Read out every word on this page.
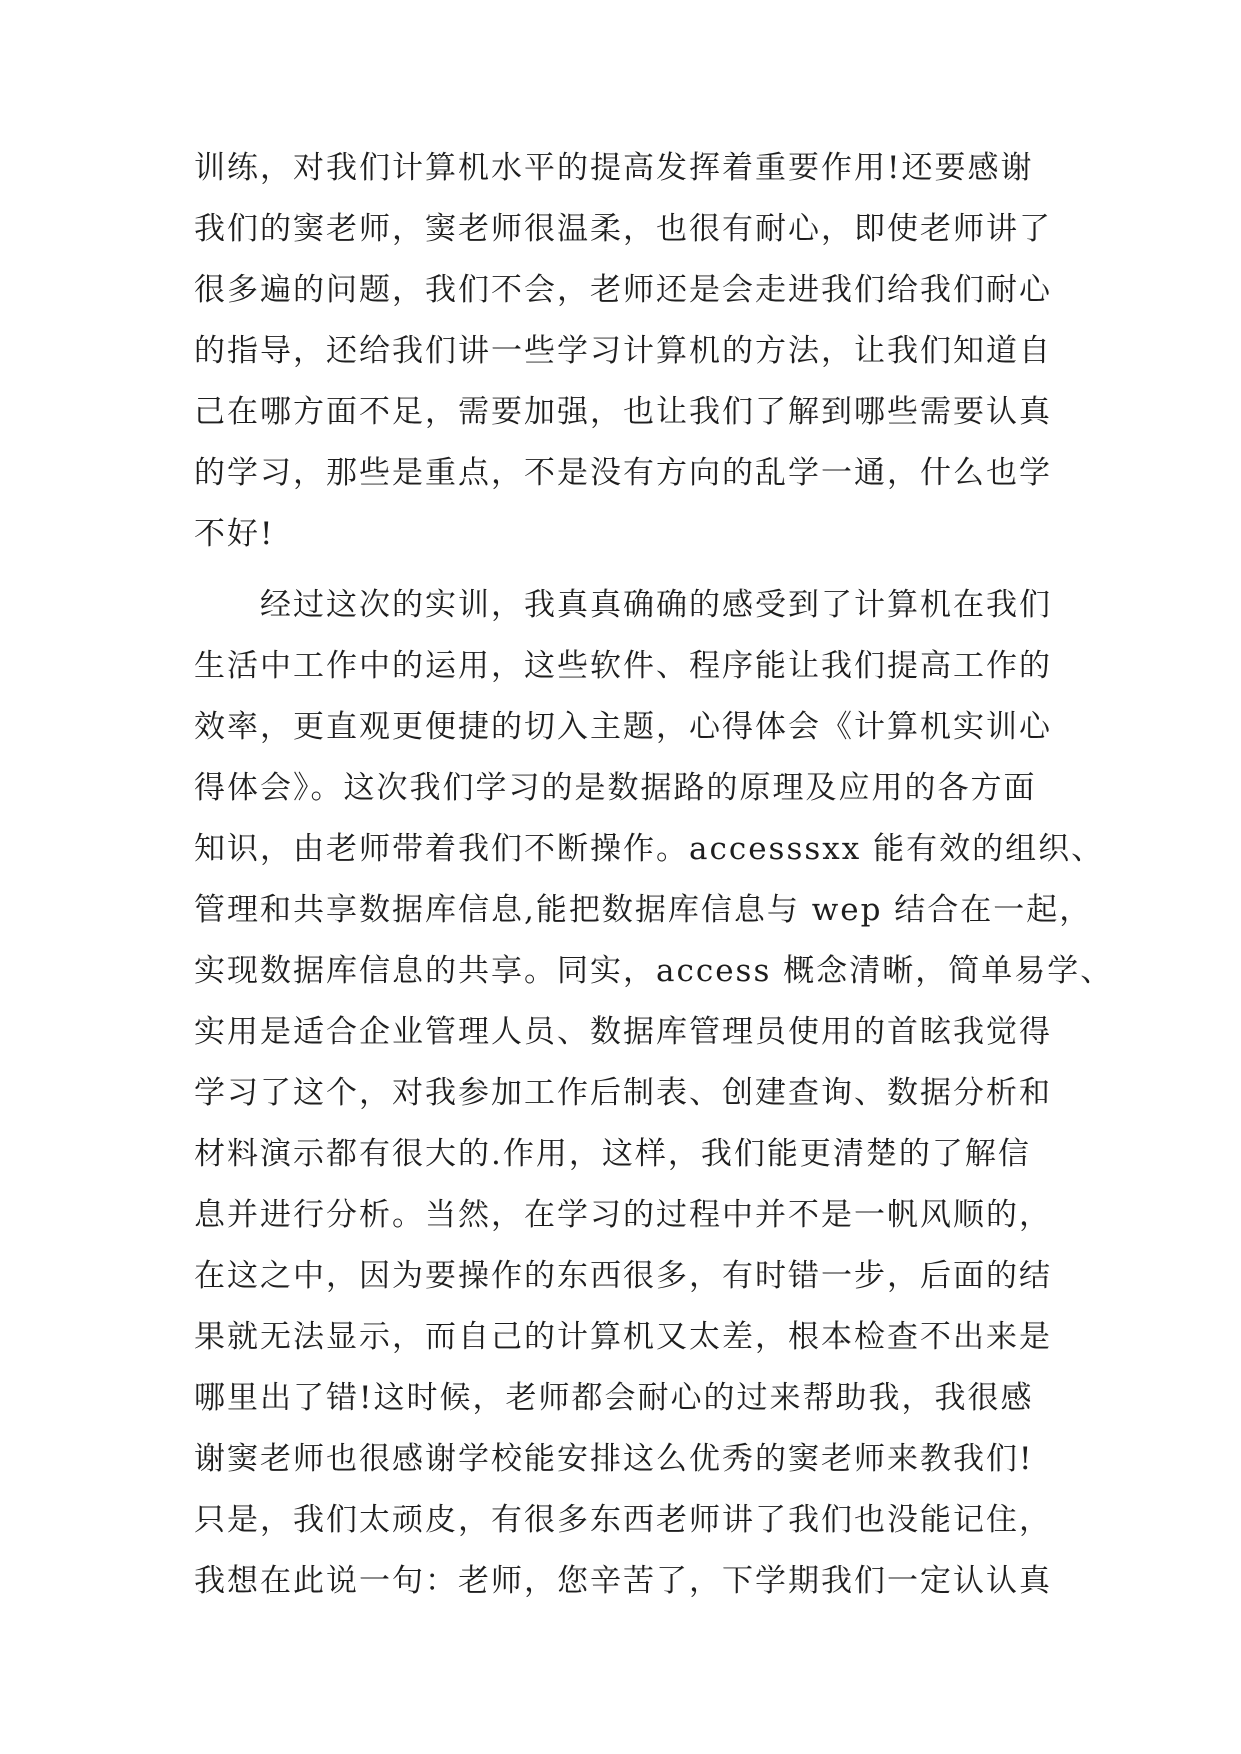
训练，对我们计算机水平的提高发挥着重要作用!还要感谢
我们的窦老师，窦老师很温柔，也很有耐心，即使老师讲了
很多遍的问题，我们不会，老师还是会走进我们给我们耐心
的指导，还给我们讲一些学习计算机的方法，让我们知道自
己在哪方面不足，需要加强，也让我们了解到哪些需要认真
的学习，那些是重点，不是没有方向的乱学一通，什么也学
不好!
经过这次的实训，我真真确确的感受到了计算机在我们
生活中工作中的运用，这些软件、程序能让我们提高工作的
效率，更直观更便捷的切入主题，心得体会《计算机实训心
得体会》。这次我们学习的是数据路的原理及应用的各方面
知识，由老师带着我们不断操作。accesssxx 能有效的组织、
管理和共享数据库信息,能把数据库信息与 wep 结合在一起，
实现数据库信息的共享。同实，access 概念清晰，简单易学、
实用是适合企业管理人员、数据库管理员使用的首眩我觉得
学习了这个，对我参加工作后制表、创建查询、数据分析和
材料演示都有很大的.作用，这样，我们能更清楚的了解信
息并进行分析。当然，在学习的过程中并不是一帆风顺的，
在这之中，因为要操作的东西很多，有时错一步，后面的结
果就无法显示，而自己的计算机又太差，根本检查不出来是
哪里出了错!这时候，老师都会耐心的过来帮助我，我很感
谢窦老师也很感谢学校能安排这么优秀的窦老师来教我们!
只是，我们太顽皮，有很多东西老师讲了我们也没能记住，
我想在此说一句：老师，您辛苦了，下学期我们一定认认真
